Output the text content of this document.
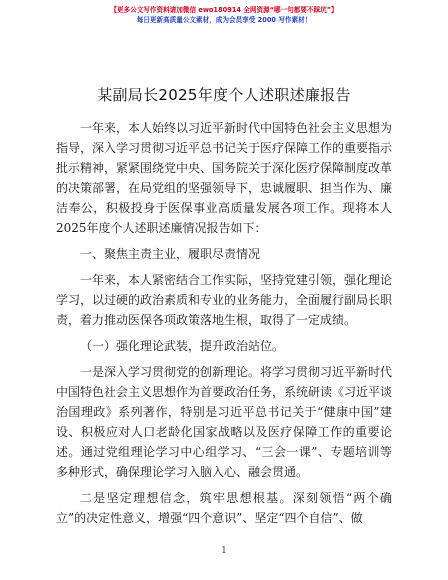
【更多公文写作资料请加微信 ewo180914 全网资源“哪一句都要不踩坑”】
每日更新高质量公文素材，成为会员享受 2000 写作素材！
某副局长2025年度个人述职述廉报告

一年来，本人始终以习近平新时代中国特色社会主义思想为指导，深入学习贯彻习近平总书记关于医疗保障工作的重要指示批示精神，紧紧围绕党中央、国务院关于深化医疗保障制度改革的决策部署，在局党组的坚强领导下，忠诚履职、担当作为、廉洁奉公，积极投身于医保事业高质量发展各项工作。现将本人2025年度个人述职述廉情况报告如下：

一、聚焦主责主业，履职尽责情况

一年来，本人紧密结合工作实际，坚持党建引领，强化理论学习，以过硬的政治素质和专业的业务能力，全面履行副局长职责，着力推动医保各项政策落地生根，取得了一定成绩。

（一）强化理论武装，提升政治站位。

一是深入学习贯彻党的创新理论。将学习贯彻习近平新时代中国特色社会主义思想作为首要政治任务，系统研读《习近平谈治国理政》系列著作，特别是习近平总书记关于“健康中国”建设、积极应对人口老龄化国家战略以及医疗保障工作的重要论述。通过党组理论学习中心组学习、“三会一课”、专题培训等多种形式，确保理论学习入脑入心、融会贯通。

二是坚定理想信念，筑牢思想根基。深刻领悟“两个确立”的决定性意义，增强“四个意识”、坚定“四个自信”、做

1
